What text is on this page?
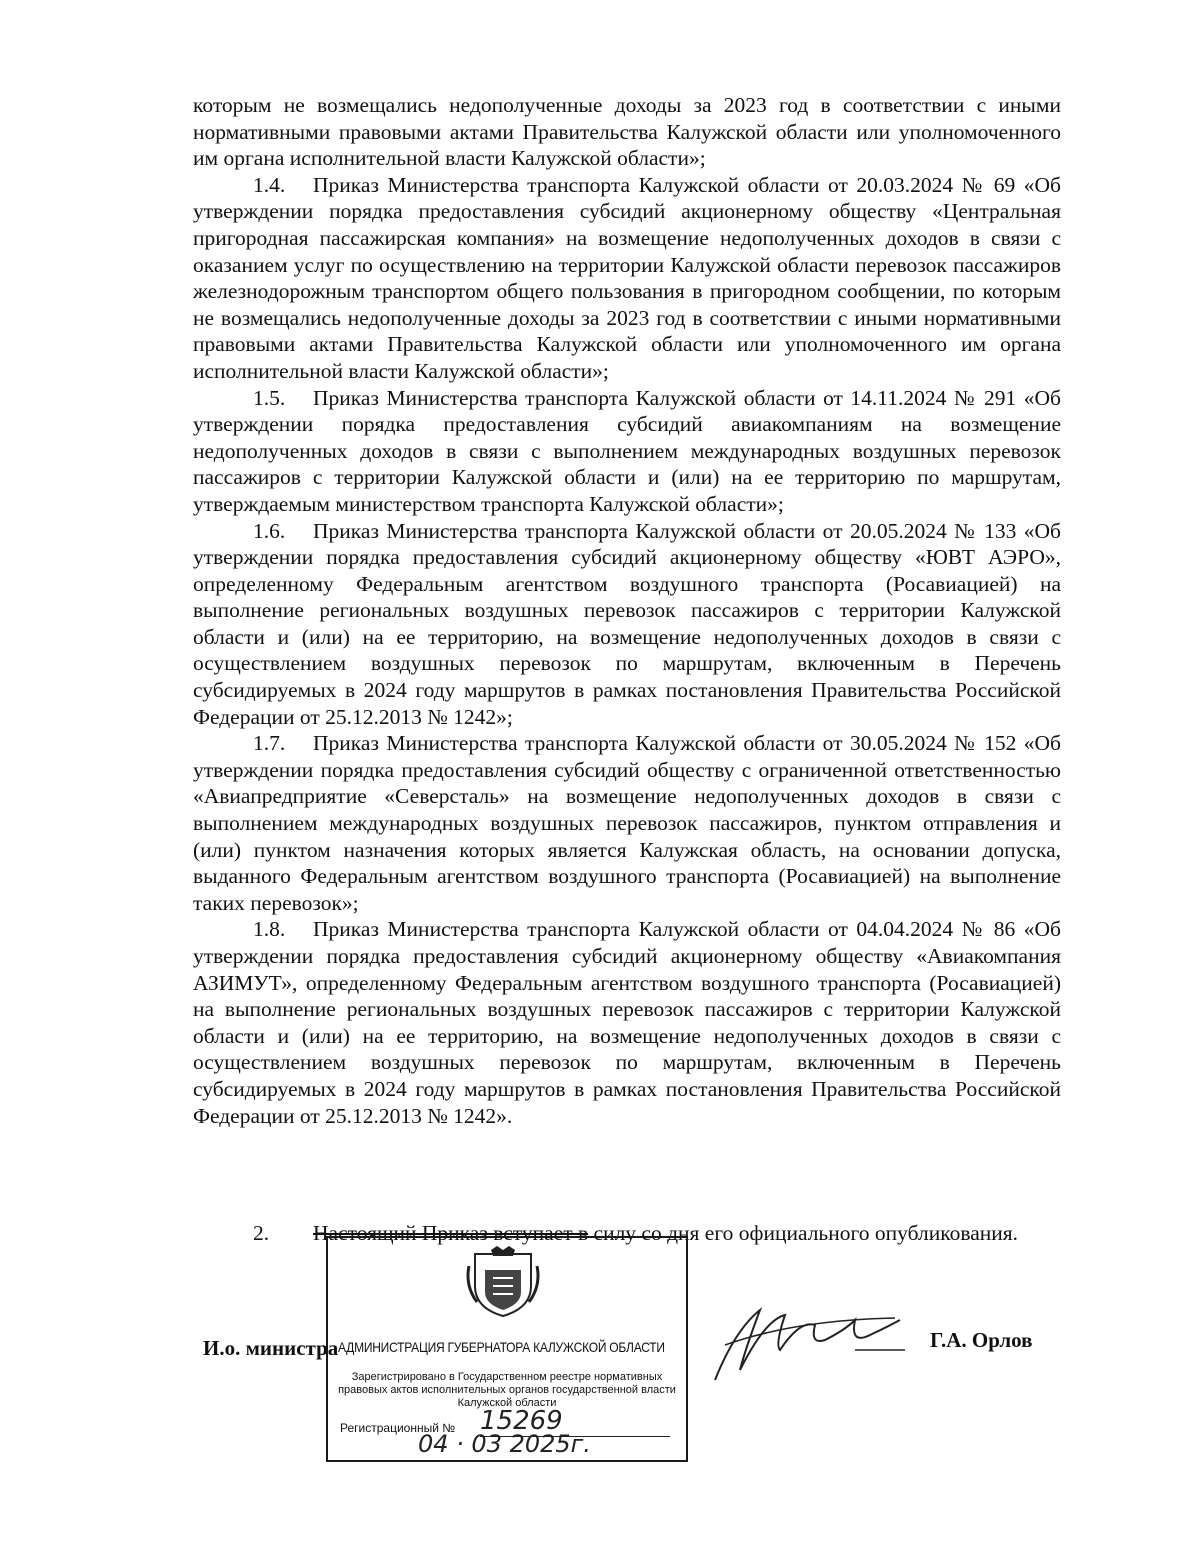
которым не возмещались недополученные доходы за 2023 год в соответствии с иными нормативными правовыми актами Правительства Калужской области или уполномоченного им органа исполнительной власти Калужской области»;

1.4. Приказ Министерства транспорта Калужской области от 20.03.2024 № 69 «Об утверждении порядка предоставления субсидий акционерному обществу «Центральная пригородная пассажирская компания» на возмещение недополученных доходов в связи с оказанием услуг по осуществлению на территории Калужской области перевозок пассажиров железнодорожным транспортом общего пользования в пригородном сообщении, по которым не возмещались недополученные доходы за 2023 год в соответствии с иными нормативными правовыми актами Правительства Калужской области или уполномоченного им органа исполнительной власти Калужской области»;

1.5. Приказ Министерства транспорта Калужской области от 14.11.2024 № 291 «Об утверждении порядка предоставления субсидий авиакомпаниям на возмещение недополученных доходов в связи с выполнением международных воздушных перевозок пассажиров с территории Калужской области и (или) на ее территорию по маршрутам, утверждаемым министерством транспорта Калужской области»;

1.6. Приказ Министерства транспорта Калужской области от 20.05.2024 № 133 «Об утверждении порядка предоставления субсидий акционерному обществу «ЮВТ АЭРО», определенному Федеральным агентством воздушного транспорта (Росавиацией) на выполнение региональных воздушных перевозок пассажиров с территории Калужской области и (или) на ее территорию, на возмещение недополученных доходов в связи с осуществлением воздушных перевозок по маршрутам, включенным в Перечень субсидируемых в 2024 году маршрутов в рамках постановления Правительства Российской Федерации от 25.12.2013 № 1242»;

1.7. Приказ Министерства транспорта Калужской области от 30.05.2024 № 152 «Об утверждении порядка предоставления субсидий обществу с ограниченной ответственностью «Авиапредприятие «Северсталь» на возмещение недополученных доходов в связи с выполнением международных воздушных перевозок пассажиров, пунктом отправления и (или) пунктом назначения которых является Калужская область, на основании допуска, выданного Федеральным агентством воздушного транспорта (Росавиацией) на выполнение таких перевозок»;

1.8. Приказ Министерства транспорта Калужской области от 04.04.2024 № 86 «Об утверждении порядка предоставления субсидий акционерному обществу «Авиакомпания АЗИМУТ», определенному Федеральным агентством воздушного транспорта (Росавиацией) на выполнение региональных воздушных перевозок пассажиров с территории Калужской области и (или) на ее территорию, на возмещение недополученных доходов в связи с осуществлением воздушных перевозок по маршрутам, включенным в Перечень субсидируемых в 2024 году маршрутов в рамках постановления Правительства Российской Федерации от 25.12.2013 № 1242».

2. Настоящий Приказ вступает в силу со дня его официального опубликования.

АДМИНИСТРАЦИЯ ГУБЕРНАТОРА КАЛУЖСКОЙ ОБЛАСТИ
Зарегистрировано в Государственном реестре нормативных
правовых актов исполнительных органов государственной власти
Калужской области
Регистрационный № 15269
04 · 03 2025г.
И.о. министра	Г.А. Орлов
